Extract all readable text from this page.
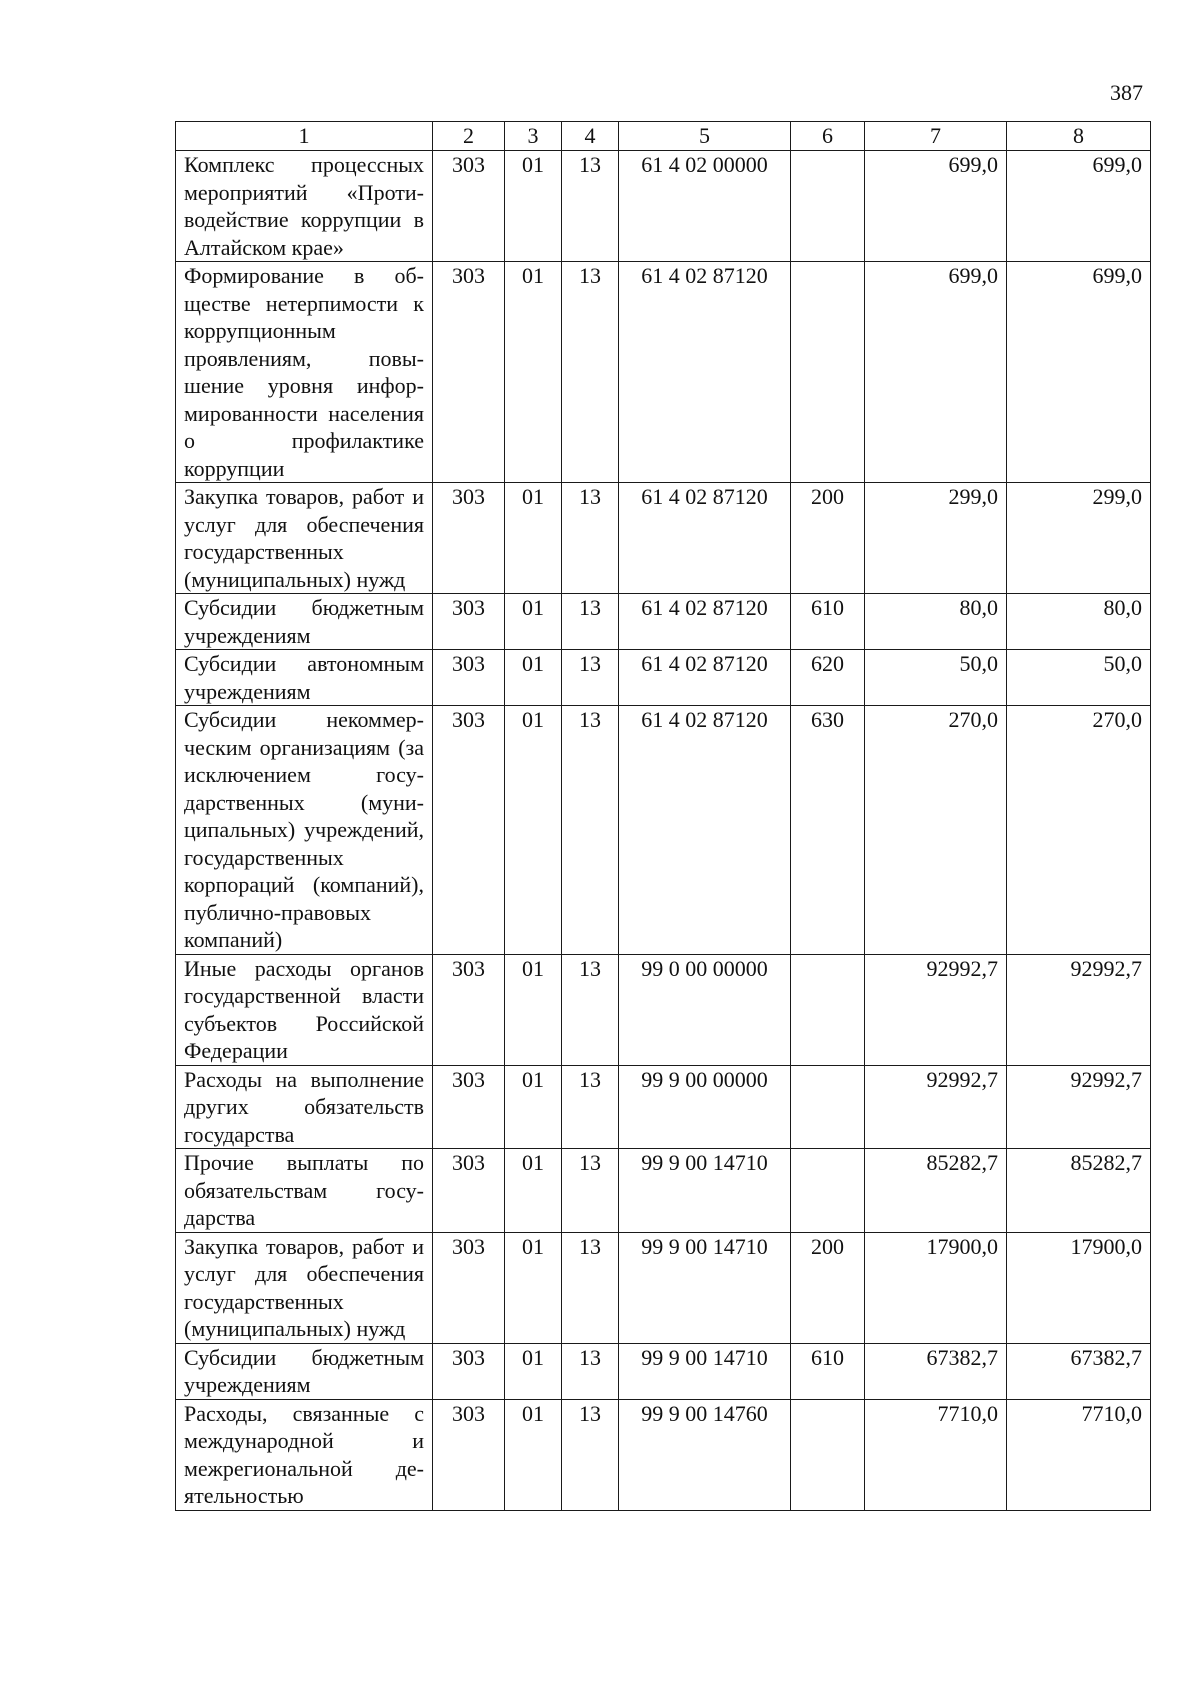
387
1	2	3	4	5	6	7	8
Комплекс процессных мероприятий «Противодействие коррупции в Алтайском крае»	303	01	13	61 4 02 00000		699,0	699,0
Формирование в обществе нетерпимости к коррупционным проявлениям, повышение уровня информированности населения о профилактике коррупции	303	01	13	61 4 02 87120		699,0	699,0
Закупка товаров, работ и услуг для обеспечения государственных (муниципальных) нужд	303	01	13	61 4 02 87120	200	299,0	299,0
Субсидии бюджетным учреждениям	303	01	13	61 4 02 87120	610	80,0	80,0
Субсидии автономным учреждениям	303	01	13	61 4 02 87120	620	50,0	50,0
Субсидии некоммерческим организациям (за исключением государственных (муниципальных) учреждений, государственных корпораций (компаний), публично-правовых компаний)	303	01	13	61 4 02 87120	630	270,0	270,0
Иные расходы органов государственной власти субъектов Российской Федерации	303	01	13	99 0 00 00000		92992,7	92992,7
Расходы на выполнение других обязательств государства	303	01	13	99 9 00 00000		92992,7	92992,7
Прочие выплаты по обязательствам государства	303	01	13	99 9 00 14710		85282,7	85282,7
Закупка товаров, работ и услуг для обеспечения государственных (муниципальных) нужд	303	01	13	99 9 00 14710	200	17900,0	17900,0
Субсидии бюджетным учреждениям	303	01	13	99 9 00 14710	610	67382,7	67382,7
Расходы, связанные с международной и межрегиональной деятельностью	303	01	13	99 9 00 14760		7710,0	7710,0
